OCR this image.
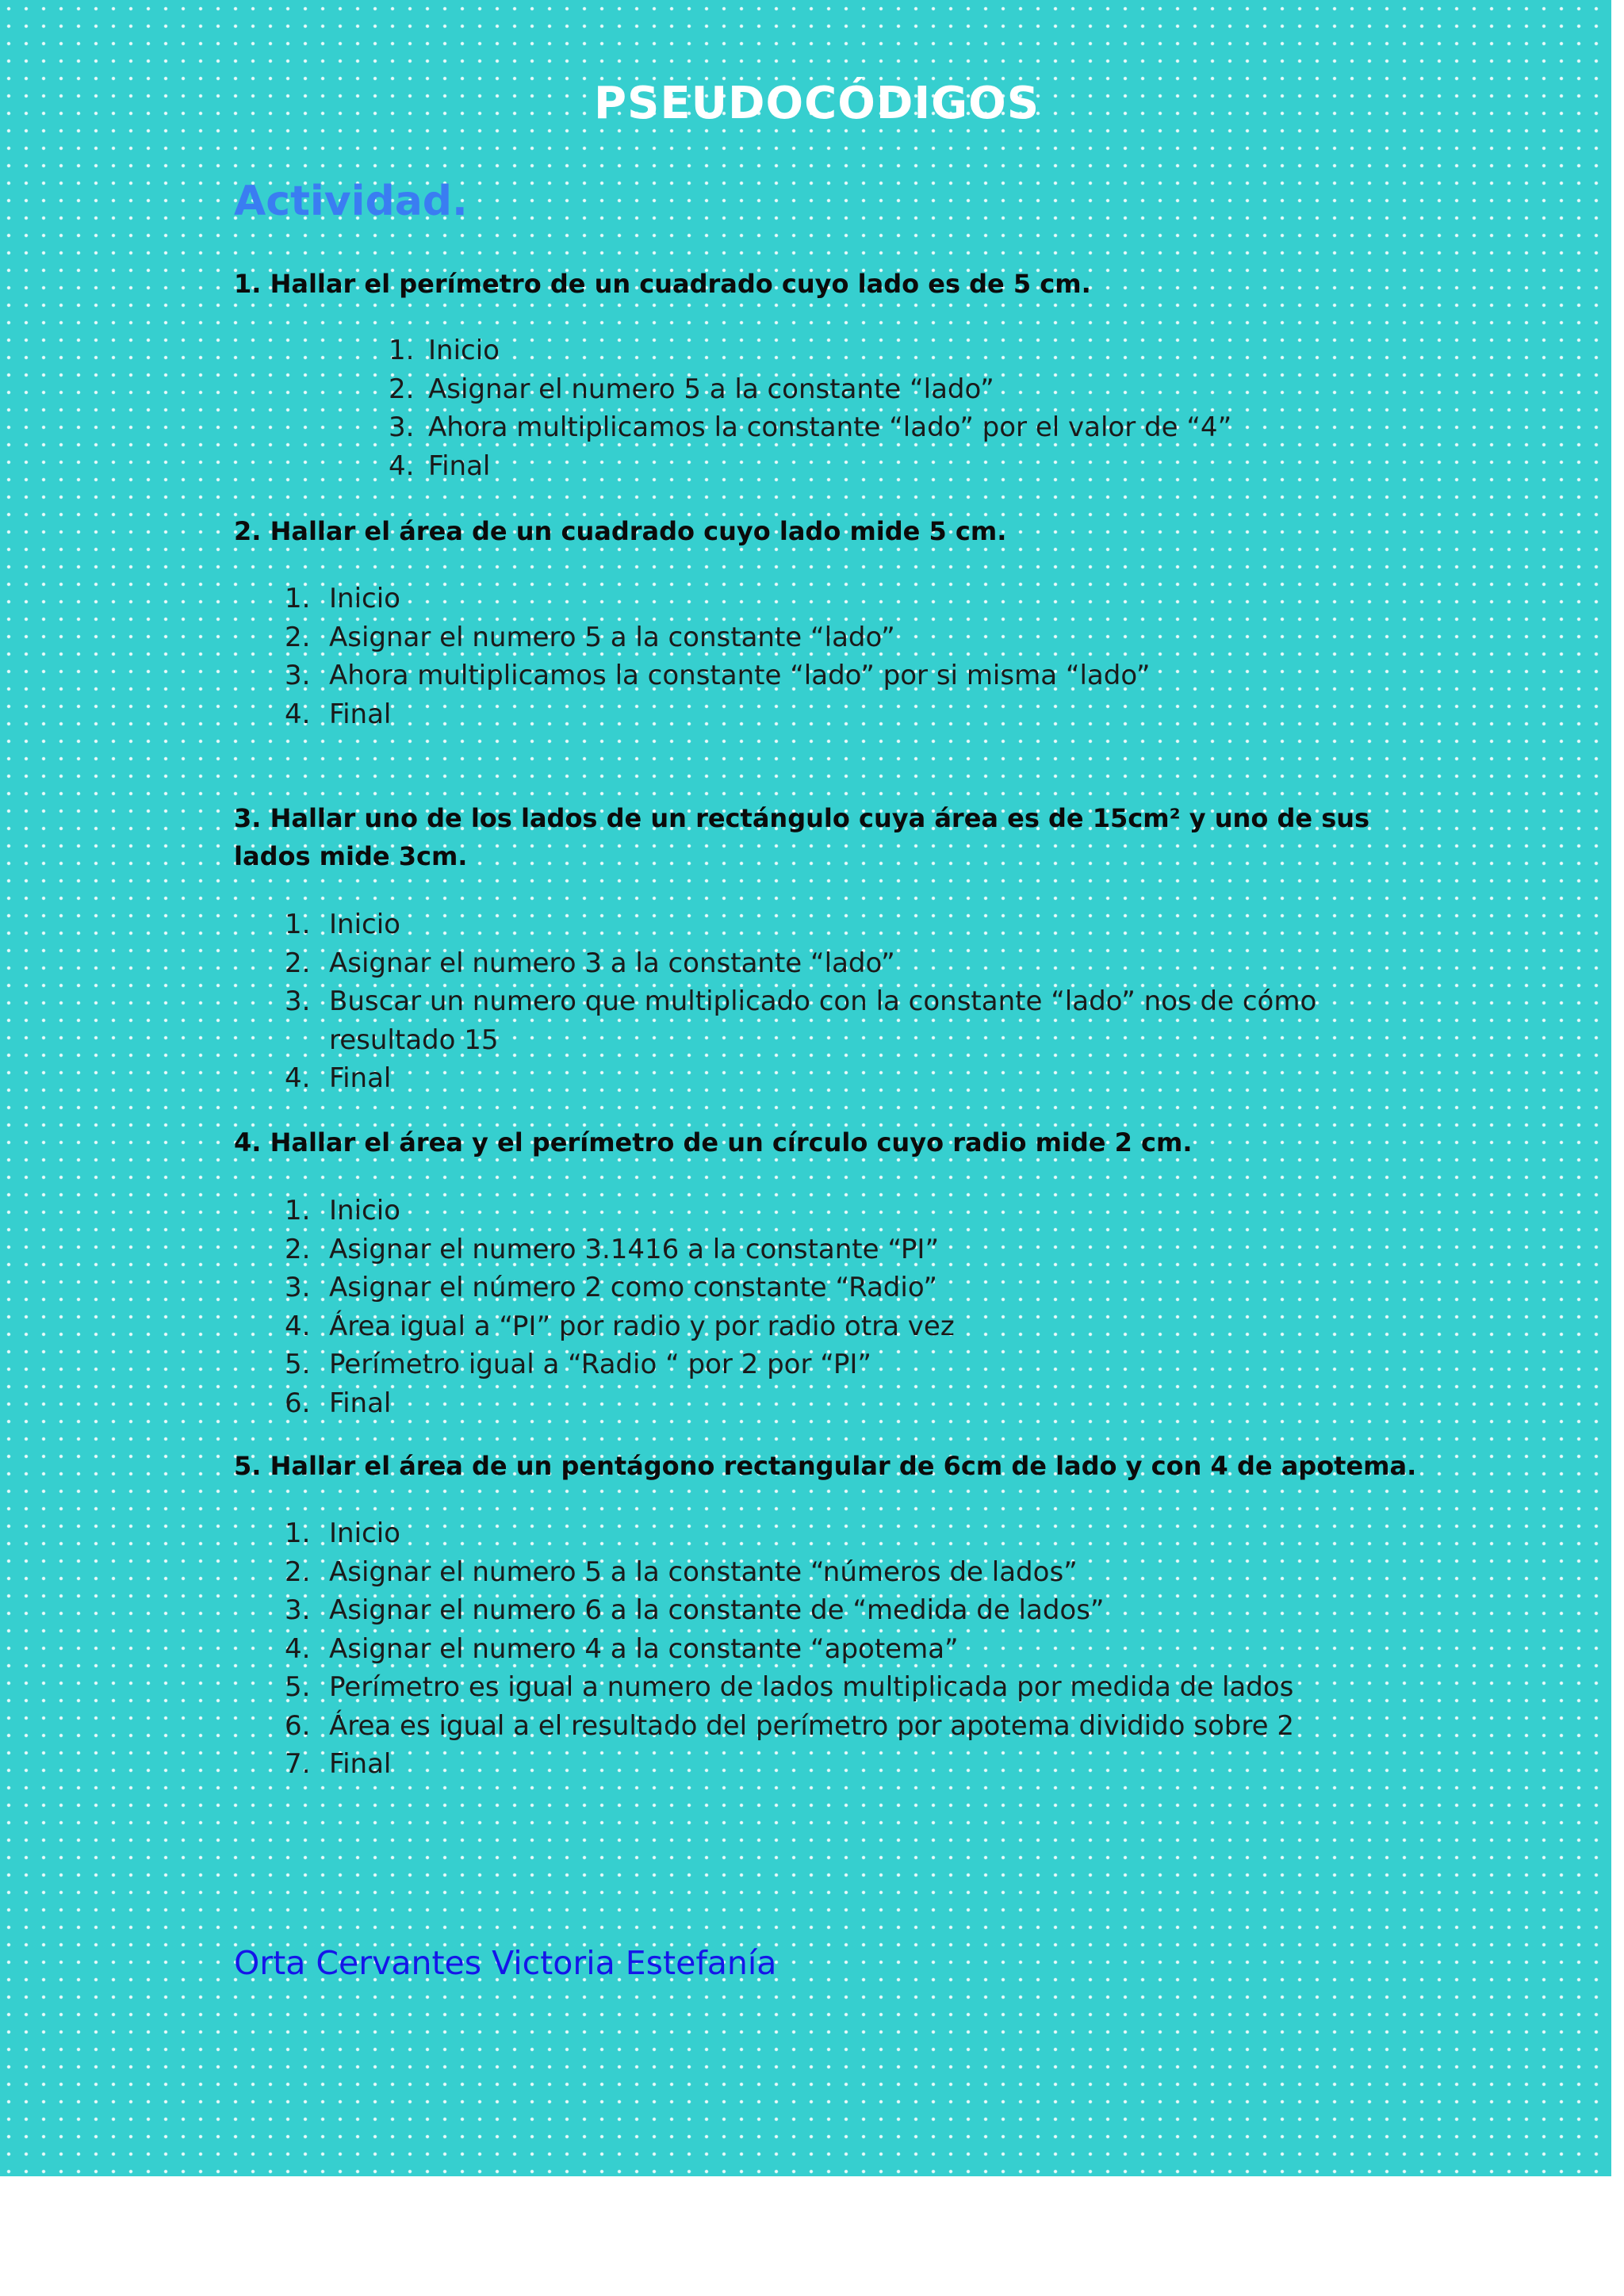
PSEUDOCÓDIGOS
Actividad.
1. Hallar el perímetro de un cuadrado cuyo lado es de 5 cm.
1. Inicio
2. Asignar el numero 5 a la constante “lado”
3. Ahora multiplicamos la constante “lado” por el valor de “4”
4. Final
2. Hallar el área de un cuadrado cuyo lado mide 5 cm.
1. Inicio
2. Asignar el numero 5 a la constante “lado”
3. Ahora multiplicamos la constante “lado” por si misma “lado”
4. Final
3. Hallar uno de los lados de un rectángulo cuya área es de 15cm² y uno de sus lados mide 3cm.
1. Inicio
2. Asignar el numero 3 a la constante “lado”
3. Buscar un numero que multiplicado con la constante “lado” nos de cómo resultado 15
4. Final
4. Hallar el área y el perímetro de un círculo cuyo radio mide 2 cm.
1. Inicio
2. Asignar el numero 3.1416 a la constante “PI”
3. Asignar el número 2 como constante “Radio”
4. Área igual a “PI” por radio y por radio otra vez
5. Perímetro igual a “Radio “ por 2 por “PI”
6. Final
5. Hallar el área de un pentágono rectangular de 6cm de lado y con 4 de apotema.
1. Inicio
2. Asignar el numero 5 a la constante “números de lados”
3. Asignar el numero 6 a la constante de “medida de lados”
4. Asignar el numero 4 a la constante “apotema”
5. Perímetro es igual a numero de lados multiplicada por medida de lados
6. Área es igual a el resultado del perímetro por apotema dividido sobre 2
7. Final
Orta Cervantes Victoria Estefanía
